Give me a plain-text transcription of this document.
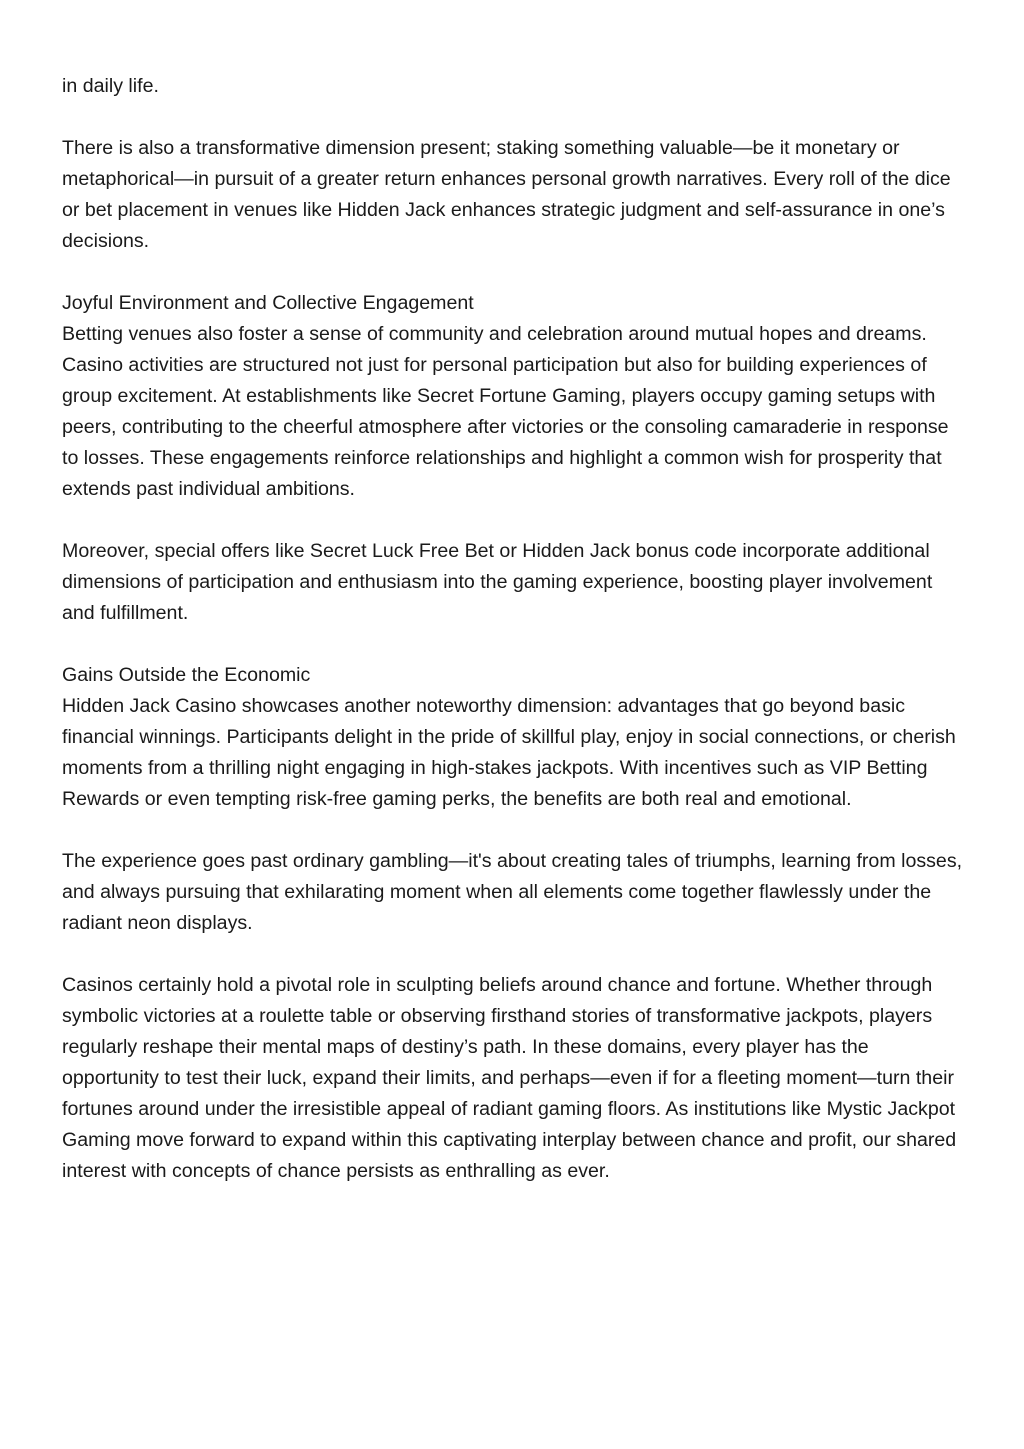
in daily life.

There is also a transformative dimension present; staking something valuable—be it monetary or metaphorical—in pursuit of a greater return enhances personal growth narratives. Every roll of the dice or bet placement in venues like Hidden Jack enhances strategic judgment and self-assurance in one’s decisions.

Joyful Environment and Collective Engagement
Betting venues also foster a sense of community and celebration around mutual hopes and dreams. Casino activities are structured not just for personal participation but also for building experiences of group excitement. At establishments like Secret Fortune Gaming, players occupy gaming setups with peers, contributing to the cheerful atmosphere after victories or the consoling camaraderie in response to losses. These engagements reinforce relationships and highlight a common wish for prosperity that extends past individual ambitions.

Moreover, special offers like Secret Luck Free Bet or Hidden Jack bonus code incorporate additional dimensions of participation and enthusiasm into the gaming experience, boosting player involvement and fulfillment.

Gains Outside the Economic
Hidden Jack Casino showcases another noteworthy dimension: advantages that go beyond basic financial winnings. Participants delight in the pride of skillful play, enjoy in social connections, or cherish moments from a thrilling night engaging in high-stakes jackpots. With incentives such as VIP Betting Rewards or even tempting risk-free gaming perks, the benefits are both real and emotional.

The experience goes past ordinary gambling—it's about creating tales of triumphs, learning from losses, and always pursuing that exhilarating moment when all elements come together flawlessly under the radiant neon displays.

Casinos certainly hold a pivotal role in sculpting beliefs around chance and fortune. Whether through symbolic victories at a roulette table or observing firsthand stories of transformative jackpots, players regularly reshape their mental maps of destiny’s path. In these domains, every player has the opportunity to test their luck, expand their limits, and perhaps—even if for a fleeting moment—turn their fortunes around under the irresistible appeal of radiant gaming floors. As institutions like Mystic Jackpot Gaming move forward to expand within this captivating interplay between chance and profit, our shared interest with concepts of chance persists as enthralling as ever.
